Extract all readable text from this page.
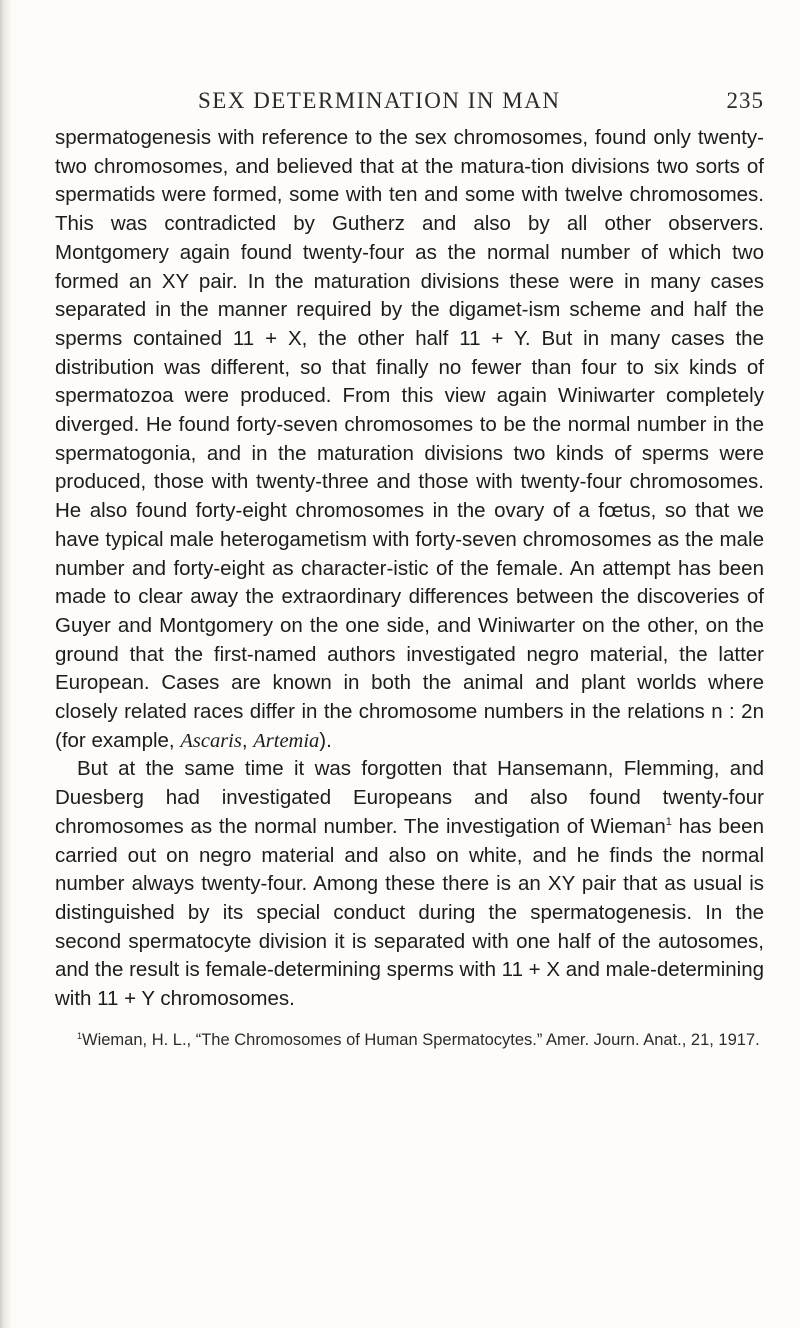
SEX DETERMINATION IN MAN	235

spermatogenesis with reference to the sex chromosomes, found only twenty-two chromosomes, and believed that at the matura-tion divisions two sorts of spermatids were formed, some with ten and some with twelve chromosomes. This was contradicted by Gutherz and also by all other observers. Montgomery again found twenty-four as the normal number of which two formed an XY pair. In the maturation divisions these were in many cases separated in the manner required by the digamet-ism scheme and half the sperms contained 11 + X, the other half 11 + Y. But in many cases the distribution was different, so that finally no fewer than four to six kinds of spermatozoa were produced. From this view again Winiwarter completely diverged. He found forty-seven chromosomes to be the normal number in the spermatogonia, and in the maturation divisions two kinds of sperms were produced, those with twenty-three and those with twenty-four chromosomes. He also found forty-eight chromosomes in the ovary of a fœtus, so that we have typical male heterogametism with forty-seven chromosomes as the male number and forty-eight as character-istic of the female. An attempt has been made to clear away the extraordinary differences between the discoveries of Guyer and Montgomery on the one side, and Winiwarter on the other, on the ground that the first-named authors investigated negro material, the latter European. Cases are known in both the animal and plant worlds where closely related races differ in the chromosome numbers in the relations n : 2n (for example, Ascaris, Artemia).

But at the same time it was forgotten that Hansemann, Flemming, and Duesberg had investigated Europeans and also found twenty-four chromosomes as the normal number. The investigation of Wieman$^1$ has been carried out on negro material and also on white, and he finds the normal number always twenty-four. Among these there is an XY pair that as usual is distinguished by its special conduct during the spermatogenesis. In the second spermatocyte division it is separated with one half of the autosomes, and the result is female-determining sperms with 11 + X and male-determining with 11 + Y chromosomes.

$^1$Wieman, H. L., “The Chromosomes of Human Spermatocytes.” Amer. Journ. Anat., 21, 1917.
